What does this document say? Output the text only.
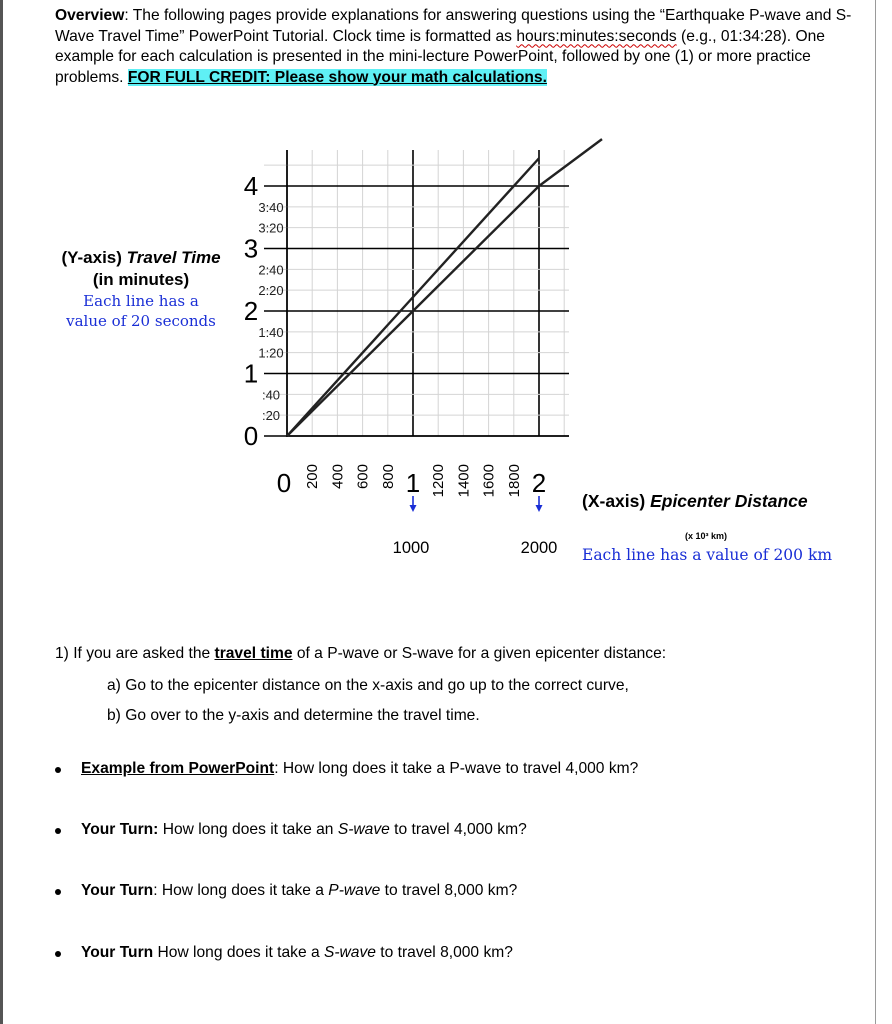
Overview: The following pages provide explanations for answering questions using the “Earthquake P-wave and S-Wave Travel Time” PowerPoint Tutorial. Clock time is formatted as hours:minutes:seconds (e.g., 01:34:28). One example for each calculation is presented in the mini-lecture PowerPoint, followed by one (1) or more practice problems. FOR FULL CREDIT: Please show your math calculations.
(Y-axis) Travel Time (in minutes)
Each line has a
value of 20 seconds
0
1
2
3
4
:20
:40
1:20
1:40
2:20
2:40
3:20
3:40
0	1	2
200 400 600 800 1200 1400 1600 1800
1000	2000
(X-axis) Epicenter Distance
(x 10³ km)
Each line has a value of 200 km
1) If you are asked the travel time of a P-wave or S-wave for a given epicenter distance:
a) Go to the epicenter distance on the x-axis and go up to the correct curve,
b) Go over to the y-axis and determine the travel time.
Example from PowerPoint: How long does it take a P-wave to travel 4,000 km?
Your Turn: How long does it take an S-wave to travel 4,000 km?
Your Turn: How long does it take a P-wave to travel 8,000 km?
Your Turn How long does it take a S-wave to travel 8,000 km?
